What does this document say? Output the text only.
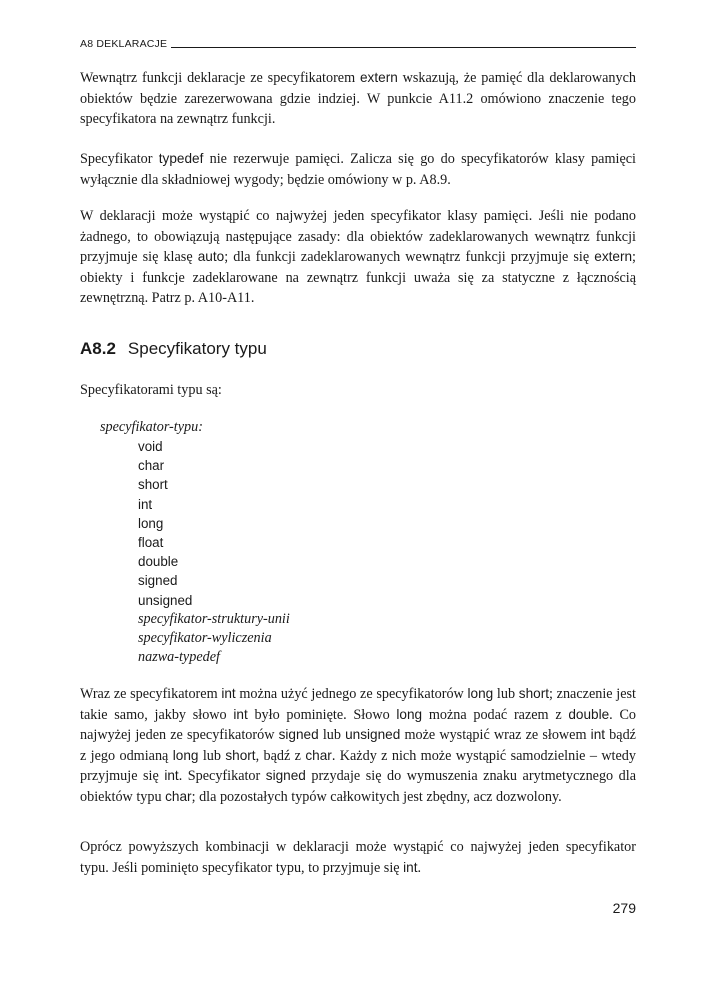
A8 DEKLARACJE

Wewnątrz funkcji deklaracje ze specyfikatorem extern wskazują, że pamięć dla deklarowanych obiektów będzie zarezerwowana gdzie indziej. W punkcie A11.2 omówiono znaczenie tego specyfikatora na zewnątrz funkcji.

Specyfikator typedef nie rezerwuje pamięci. Zalicza się go do specyfikatorów klasy pamięci wyłącznie dla składniowej wygody; będzie omówiony w p. A8.9.

W deklaracji może wystąpić co najwyżej jeden specyfikator klasy pamięci. Jeśli nie podano żadnego, to obowiązują następujące zasady: dla obiektów zadeklarowanych wewnątrz funkcji przyjmuje się klasę auto; dla funkcji zadeklarowanych wewnątrz funkcji przyjmuje się extern; obiekty i funkcje zadeklarowane na zewnątrz funkcji uważa się za statyczne z łącznością zewnętrzną. Patrz p. A10-A11.

A8.2 Specyfikatory typu
Specyfikatorami typu są:
specyfikator-typu:
void
char
short
int
long
float
double
signed
unsigned
specyfikator-struktury-unii
specyfikator-wyliczenia
nazwa-typedef

Wraz ze specyfikatorem int można użyć jednego ze specyfikatorów long lub short; znaczenie jest takie samo, jakby słowo int było pominięte. Słowo long można podać razem z double. Co najwyżej jeden ze specyfikatorów signed lub unsigned może wystąpić wraz ze słowem int bądź z jego odmianą long lub short, bądź z char. Każdy z nich może wystąpić samodzielnie – wtedy przyjmuje się int. Specyfikator signed przydaje się do wymuszenia znaku arytmetycznego dla obiektów typu char; dla pozostałych typów całkowitych jest zbędny, acz dozwolony.

Oprócz powyższych kombinacji w deklaracji może wystąpić co najwyżej jeden specyfikator typu. Jeśli pominięto specyfikator typu, to przyjmuje się int.

279
